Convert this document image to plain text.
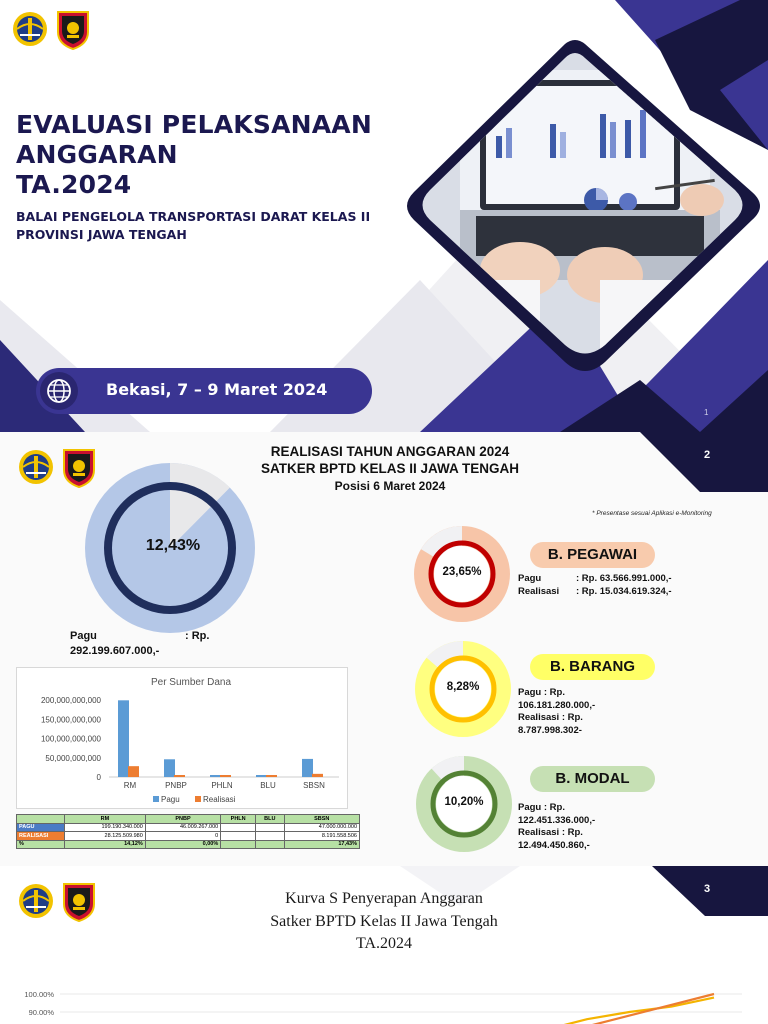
EVALUASI PELAKSANAAN
ANGGARAN
TA.2024
BALAI PENGELOLA TRANSPORTASI DARAT KELAS II
PROVINSI JAWA TENGAH
Bekasi, 7 – 9 Maret 2024
1
2
REALISASI TAHUN ANGGARAN 2024
SATKER BPTD KELAS II JAWA TENGAH
Posisi 6 Maret 2024
* Presentase sesuai Aplikasi e-Monitoring
12,43%
Pagu	: Rp.
292.199.607.000,-
Per Sumber Dana
0
50,000,000,000
100,000,000,000
150,000,000,000
200,000,000,000
RM	PNBP	PHLN	BLU	SBSN
Pagu	Realisasi
	RM	PNBP	PHLN	BLU	SBSN
PAGU	199.190.340.000	46.009.267.000			47.000.000.000
REALISASI	28.125.509.980	0			8.191.558.506
%	14,12%	0,00%			17,43%
23,65%
B. PEGAWAI
Pagu	: Rp. 63.566.991.000,-
Realisasi : Rp. 15.034.619.324,-
8,28%
B. BARANG
Pagu : Rp.
106.181.280.000,-
Realisasi : Rp.
8.787.998.302-
10,20%
B. MODAL
Pagu : Rp.
122.451.336.000,-
Realisasi : Rp.
12.494.450.860,-
3
Kurva S Penyerapan Anggaran
Satker BPTD Kelas II Jawa Tengah
TA.2024
100.00%
90.00%
